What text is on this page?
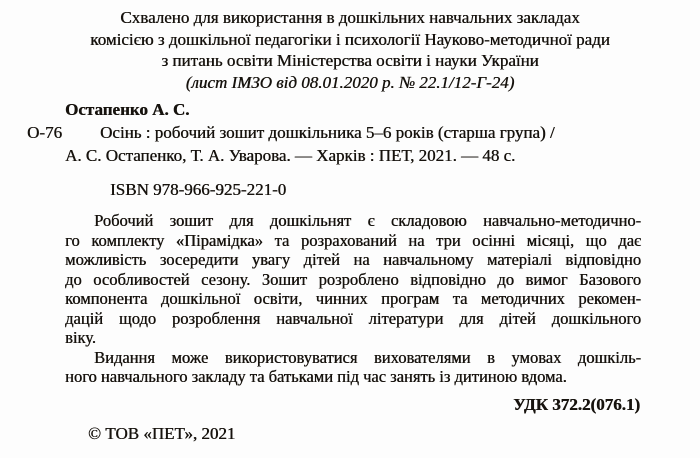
Схвалено для використання в дошкільних навчальних закладах
комісією з дошкільної педагогіки і психології Науково-методичної ради
з питань освіти Міністерства освіти і науки України
(лист ІМЗО від 08.01.2020 р. № 22.1/12-Г-24)
Остапенко А. С.
О-76 Осінь : робочий зошит дошкільника 5–6 років (старша група) /
А. С. Остапенко, Т. А. Уварова. — Харків : ПЕТ, 2021. — 48 с.
ISBN 978-966-925-221-0
Робочий зошит для дошкільнят є складовою навчально-методично-
го комплекту «Пірамідка» та розрахований на три осінні місяці, що дає
можливість зосередити увагу дітей на навчальному матеріалі відповідно
до особливостей сезону. Зошит розроблено відповідно до вимог Базового
компонента дошкільної освіти, чинних програм та методичних рекомен-
дацій щодо розроблення навчальної літератури для дітей дошкільного
віку.
Видання може використовуватися вихователями в умовах дошкіль-
ного навчального закладу та батьками під час занять із дитиною вдома.
УДК 372.2(076.1)
© ТОВ «ПЕТ», 2021
